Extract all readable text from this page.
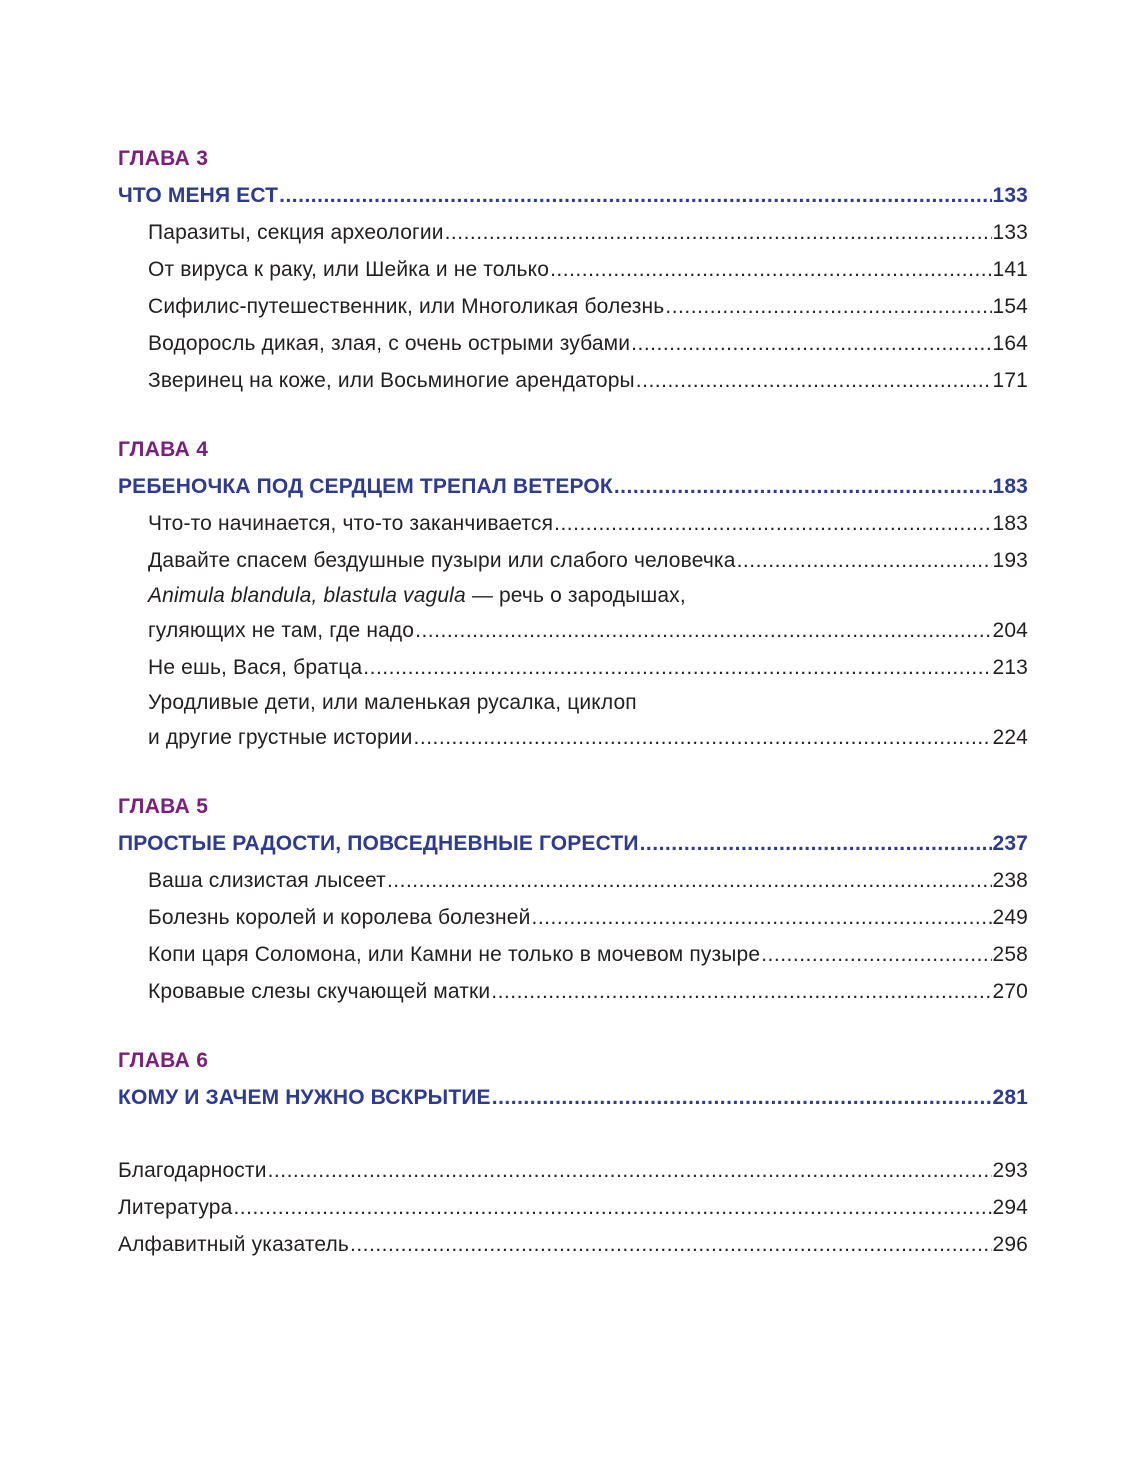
ГЛАВА 3
ЧТО МЕНЯ ЕСТ .....	133
Паразиты, секция археологии .....	133
От вируса к раку, или Шейка и не только .....	141
Сифилис-путешественник, или Многоликая болезнь .....	154
Водоросль дикая, злая, с очень острыми зубами .....	164
Зверинец на коже, или Восьминогие арендаторы .....	171
ГЛАВА 4
РЕБЕНОЧКА ПОД СЕРДЦЕМ ТРЕПАЛ ВЕТЕРОК .....	183
Что-то начинается, что-то заканчивается .....	183
Давайте спасем бездушные пузыри или слабого человечка .....	193
Animula blandula, blastula vagula — речь о зародышах,
гуляющих не там, где надо .....	204
Не ешь, Вася, братца .....	213
Уродливые дети, или маленькая русалка, циклоп
и другие грустные истории .....	224
ГЛАВА 5
ПРОСТЫЕ РАДОСТИ, ПОВСЕДНЕВНЫЕ ГОРЕСТИ .....	237
Ваша слизистая лысеет .....	238
Болезнь королей и королева болезней .....	249
Копи царя Соломона, или Камни не только в мочевом пузыре .....	258
Кровавые слезы скучающей матки .....	270
ГЛАВА 6
КОМУ И ЗАЧЕМ НУЖНО ВСКРЫТИЕ .....	281
Благодарности .....	293
Литература .....	294
Алфавитный указатель .....	296
